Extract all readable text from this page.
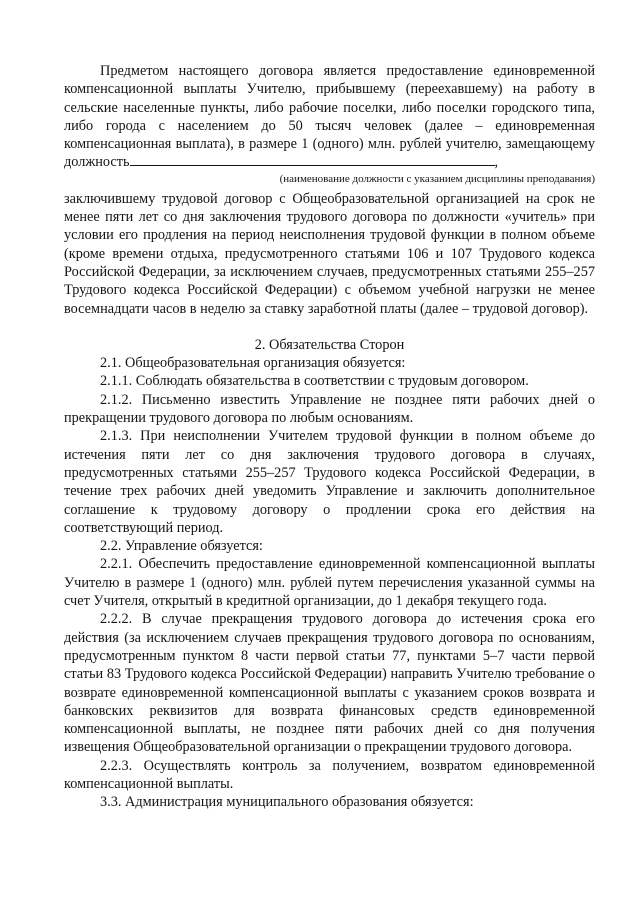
Предметом настоящего договора является предоставление единовременной компенсационной выплаты Учителю, прибывшему (переехавшему) на работу в сельские населенные пункты, либо рабочие поселки, либо поселки городского типа, либо города с населением до 50 тысяч человек (далее – единовременная компенсационная выплата), в размере 1 (одного) млн. рублей учителю, замещающему должность	,

(наименование должности с указанием дисциплины преподавания)

заключившему трудовой договор с Общеобразовательной организацией на срок не менее пяти лет со дня заключения трудового договора по должности «учитель» при условии его продления на период неисполнения трудовой функции в полном объеме (кроме времени отдыха, предусмотренного статьями 106 и 107 Трудового кодекса Российской Федерации, за исключением случаев, предусмотренных статьями 255–257 Трудового кодекса Российской Федерации) с объемом учебной нагрузки не менее восемнадцати часов в неделю за ставку заработной платы (далее – трудовой договор).

2. Обязательства Сторон

2.1. Общеобразовательная организация обязуется:

2.1.1. Соблюдать обязательства в соответствии с трудовым договором.

2.1.2. Письменно известить Управление не позднее пяти рабочих дней о прекращении трудового договора по любым основаниям.

2.1.3. При неисполнении Учителем трудовой функции в полном объеме до истечения пяти лет со дня заключения трудового договора в случаях, предусмотренных статьями 255–257 Трудового кодекса Российской Федерации, в течение трех рабочих дней уведомить Управление и заключить дополнительное соглашение к трудовому договору о продлении срока его действия на соответствующий период.

2.2. Управление обязуется:

2.2.1. Обеспечить предоставление единовременной компенсационной выплаты Учителю в размере 1 (одного) млн. рублей путем перечисления указанной суммы на счет Учителя, открытый в кредитной организации, до 1 декабря текущего года.

2.2.2. В случае прекращения трудового договора до истечения срока его действия (за исключением случаев прекращения трудового договора по основаниям, предусмотренным пунктом 8 части первой статьи 77, пунктами 5–7 части первой статьи 83 Трудового кодекса Российской Федерации) направить Учителю требование о возврате единовременной компенсационной выплаты с указанием сроков возврата и банковских реквизитов для возврата финансовых средств единовременной компенсационной выплаты, не позднее пяти рабочих дней со дня получения извещения Общеобразовательной организации о прекращении трудового договора.

2.2.3. Осуществлять контроль за получением, возвратом единовременной компенсационной выплаты.

3.3. Администрация муниципального образования обязуется:
